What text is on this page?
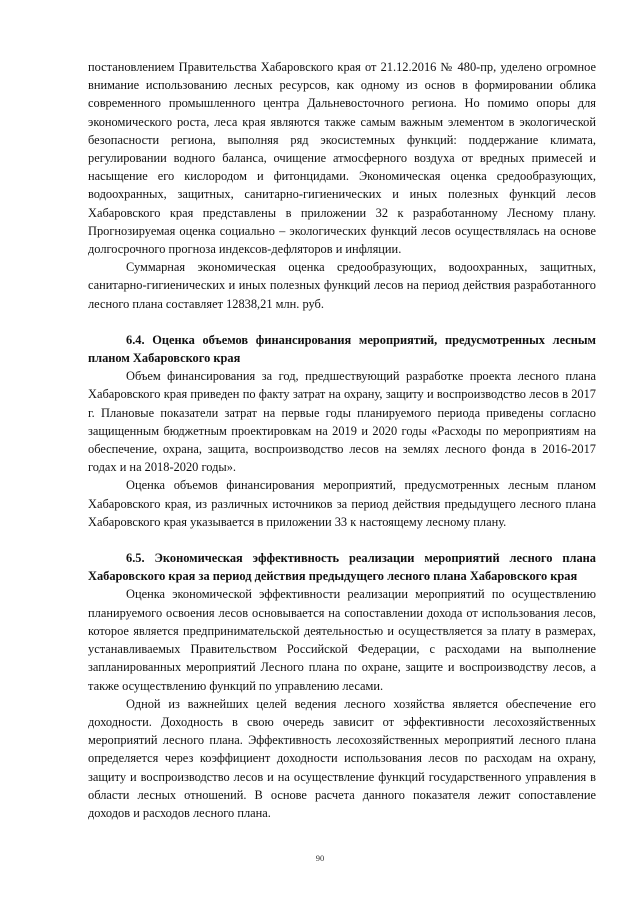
постановлением Правительства Хабаровского края от 21.12.2016 № 480-пр, уделено огромное внимание использованию лесных ресурсов, как одному из основ в формировании облика современного промышленного центра Дальневосточного региона. Но помимо опоры для экономического роста, леса края являются также самым важным элементом в экологической безопасности региона, выполняя ряд экосистемных функций: поддержание климата, регулировании водного баланса, очищение атмосферного воздуха от вредных примесей и насыщение его кислородом и фитонцидами. Экономическая оценка средообразующих, водоохранных, защитных, санитарно-гигиенических и иных полезных функций лесов Хабаровского края представлены в приложении 32 к разработанному Лесному плану. Прогнозируемая оценка социально – экологических функций лесов осуществлялась на основе долгосрочного прогноза индексов-дефляторов и инфляции.

Суммарная экономическая оценка средообразующих, водоохранных, защитных, санитарно-гигиенических и иных полезных функций лесов на период действия разработанного лесного плана составляет 12838,21 млн. руб.

6.4. Оценка объемов финансирования мероприятий, предусмотренных лесным планом Хабаровского края

Объем финансирования за год, предшествующий разработке проекта лесного плана Хабаровского края приведен по факту затрат на охрану, защиту и воспроизводство лесов в 2017 г. Плановые показатели затрат на первые годы планируемого периода приведены согласно защищенным бюджетным проектировкам на 2019 и 2020 годы «Расходы по мероприятиям на обеспечение, охрана, защита, воспроизводство лесов на землях лесного фонда в 2016-2017 годах и на 2018-2020 годы».

Оценка объемов финансирования мероприятий, предусмотренных лесным планом Хабаровского края, из различных источников за период действия предыдущего лесного плана Хабаровского края указывается в приложении 33 к настоящему лесному плану.

6.5. Экономическая эффективность реализации мероприятий лесного плана Хабаровского края за период действия предыдущего лесного плана Хабаровского края

Оценка экономической эффективности реализации мероприятий по осуществлению планируемого освоения лесов основывается на сопоставлении дохода от использования лесов, которое является предпринимательской деятельностью и осуществляется за плату в размерах, устанавливаемых Правительством Российской Федерации, с расходами на выполнение запланированных мероприятий Лесного плана по охране, защите и воспроизводству лесов, а также осуществлению функций по управлению лесами.

Одной из важнейших целей ведения лесного хозяйства является обеспечение его доходности. Доходность в свою очередь зависит от эффективности лесохозяйственных мероприятий лесного плана. Эффективность лесохозяйственных мероприятий лесного плана определяется через коэффициент доходности использования лесов по расходам на охрану, защиту и воспроизводство лесов и на осуществление функций государственного управления в области лесных отношений. В основе расчета данного показателя лежит сопоставление доходов и расходов лесного плана.

90
